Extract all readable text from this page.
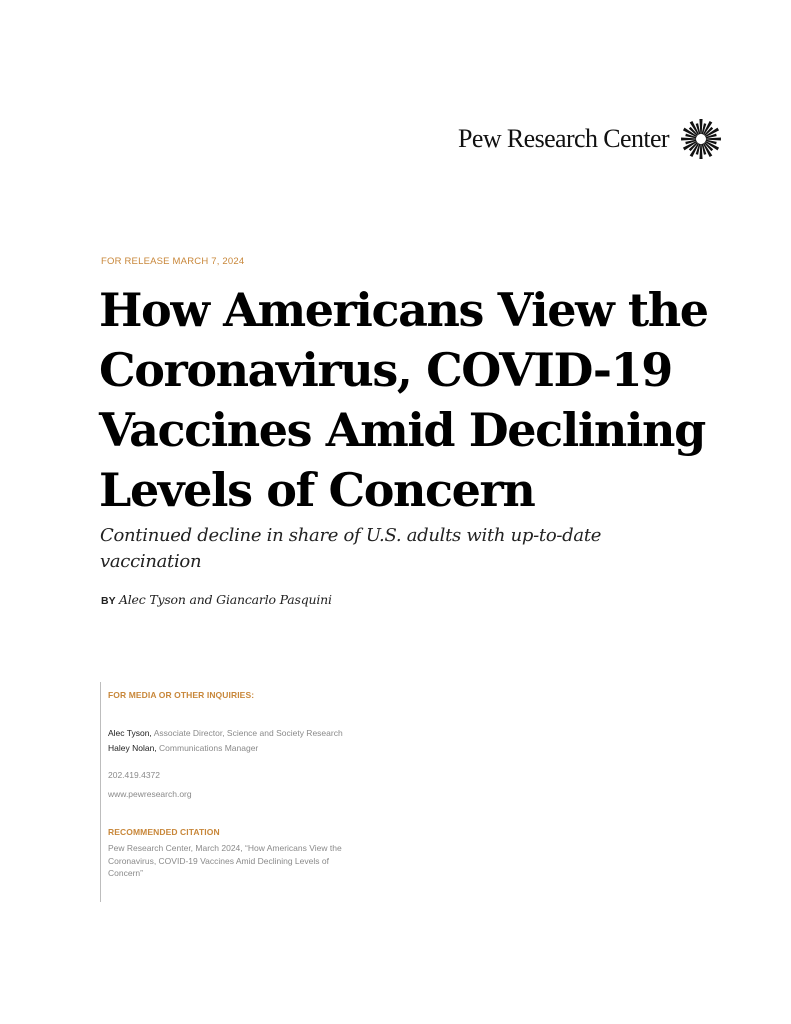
Pew Research Center
FOR RELEASE MARCH 7, 2024
How Americans View the Coronavirus, COVID-19 Vaccines Amid Declining Levels of Concern
Continued decline in share of U.S. adults with up-to-date vaccination
BY Alec Tyson and Giancarlo Pasquini
FOR MEDIA OR OTHER INQUIRIES:
Alec Tyson, Associate Director, Science and Society Research
Haley Nolan, Communications Manager
202.419.4372
www.pewresearch.org
RECOMMENDED CITATION
Pew Research Center, March 2024, “How Americans View the
Coronavirus, COVID-19 Vaccines Amid Declining Levels of
Concern”
